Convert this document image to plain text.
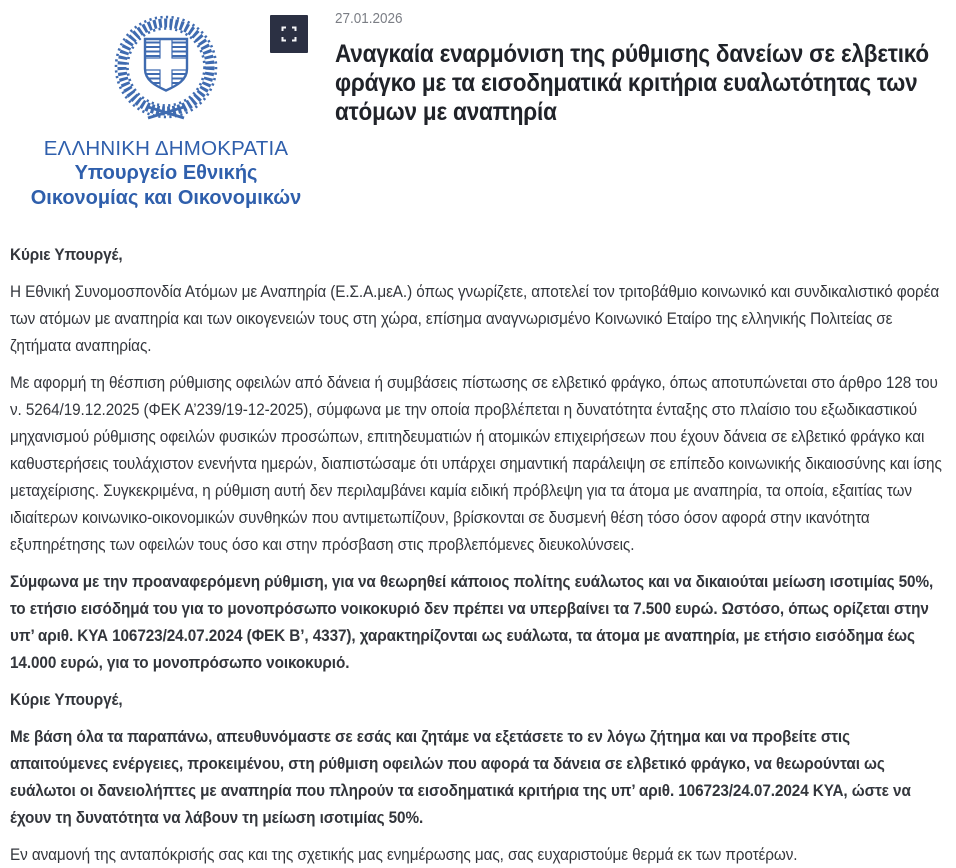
ΕΛΛΗΝΙΚΗ ΔΗΜΟΚΡΑΤΙΑ
Υπουργείο Εθνικής
Οικονομίας και Οικονομικών
27.01.2026
Αναγκαία εναρμόνιση της ρύθμισης δανείων σε ελβετικό φράγκο με τα εισοδηματικά κριτήρια ευαλωτότητας των ατόμων με αναπηρία

Κύριε Υπουργέ,

Η Εθνική Συνομοσπονδία Ατόμων με Αναπηρία (Ε.Σ.Α.μεΑ.) όπως γνωρίζετε, αποτελεί τον τριτοβάθμιο κοινωνικό και συνδικαλιστικό φορέα των ατόμων με αναπηρία και των οικογενειών τους στη χώρα, επίσημα αναγνωρισμένο Κοινωνικό Εταίρο της ελληνικής Πολιτείας σε ζητήματα αναπηρίας.

Με αφορμή τη θέσπιση ρύθμισης οφειλών από δάνεια ή συμβάσεις πίστωσης σε ελβετικό φράγκο, όπως αποτυπώνεται στο άρθρο 128 του ν. 5264/19.12.2025 (ΦΕΚ Α’239/19-12-2025), σύμφωνα με την οποία προβλέπεται η δυνατότητα ένταξης στο πλαίσιο του εξωδικαστικού μηχανισμού ρύθμισης οφειλών φυσικών προσώπων, επιτηδευματιών ή ατομικών επιχειρήσεων που έχουν δάνεια σε ελβετικό φράγκο και καθυστερήσεις τουλάχιστον ενενήντα ημερών, διαπιστώσαμε ότι υπάρχει σημαντική παράλειψη σε επίπεδο κοινωνικής δικαιοσύνης και ίσης μεταχείρισης. Συγκεκριμένα, η ρύθμιση αυτή δεν περιλαμβάνει καμία ειδική πρόβλεψη για τα άτομα με αναπηρία, τα οποία, εξαιτίας των ιδιαίτερων κοινωνικο-οικονομικών συνθηκών που αντιμετωπίζουν, βρίσκονται σε δυσμενή θέση τόσο όσον αφορά στην ικανότητα εξυπηρέτησης των οφειλών τους όσο και στην πρόσβαση στις προβλεπόμενες διευκολύνσεις.

Σύμφωνα με την προαναφερόμενη ρύθμιση, για να θεωρηθεί κάποιος πολίτης ευάλωτος και να δικαιούται μείωση ισοτιμίας 50%, το ετήσιο εισόδημά του για το μονοπρόσωπο νοικοκυριό δεν πρέπει να υπερβαίνει τα 7.500 ευρώ. Ωστόσο, όπως ορίζεται στην υπ’ αριθ. ΚΥΑ 106723/24.07.2024 (ΦΕΚ Β’, 4337), χαρακτηρίζονται ως ευάλωτα, τα άτομα με αναπηρία, με ετήσιο εισόδημα έως 14.000 ευρώ, για το μονοπρόσωπο νοικοκυριό.

Κύριε Υπουργέ,

Με βάση όλα τα παραπάνω, απευθυνόμαστε σε εσάς και ζητάμε να εξετάσετε το εν λόγω ζήτημα και να προβείτε στις απαιτούμενες ενέργειες, προκειμένου, στη ρύθμιση οφειλών που αφορά τα δάνεια σε ελβετικό φράγκο, να θεωρούνται ως ευάλωτοι οι δανειολήπτες με αναπηρία που πληρούν τα εισοδηματικά κριτήρια της υπ’ αριθ. 106723/24.07.2024 ΚΥΑ, ώστε να έχουν τη δυνατότητα να λάβουν τη μείωση ισοτιμίας 50%.

Εν αναμονή της ανταπόκρισής σας και της σχετικής μας ενημέρωσης μας, σας ευχαριστούμε θερμά εκ των προτέρων.
